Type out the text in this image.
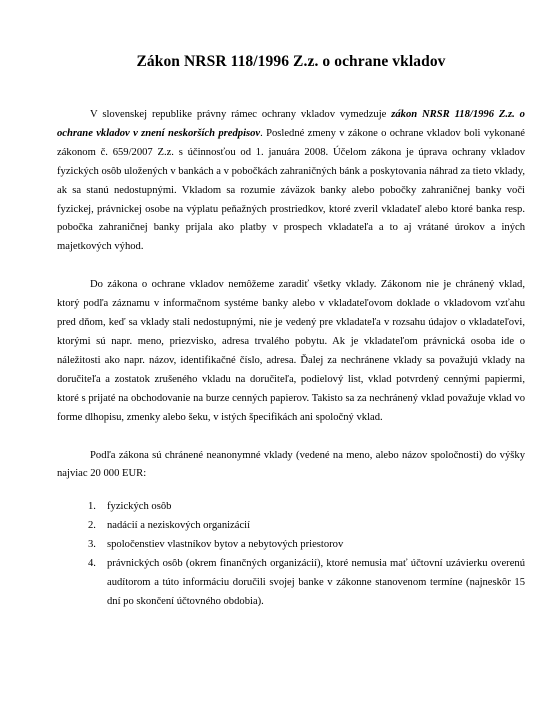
Zákon NRSR 118/1996 Z.z. o ochrane vkladov

V slovenskej republike právny rámec ochrany vkladov vymedzuje zákon NRSR 118/1996 Z.z. o ochrane vkladov v znení neskorších predpisov. Posledné zmeny v zákone o ochrane vkladov boli vykonané zákonom č. 659/2007 Z.z. s účinnosťou od 1. januára 2008. Účelom zákona je úprava ochrany vkladov fyzických osôb uložených v bankách a v pobočkách zahraničných bánk a poskytovania náhrad za tieto vklady, ak sa stanú nedostupnými. Vkladom sa rozumie záväzok banky alebo pobočky zahraničnej banky voči fyzickej, právnickej osobe na výplatu peňažných prostriedkov, ktoré zveril vkladateľ alebo ktoré banka resp. pobočka zahraničnej banky prijala ako platby v prospech vkladateľa a to aj vrátané úrokov a iných majetkových výhod.

Do zákona o ochrane vkladov nemôžeme zaradiť všetky vklady. Zákonom nie je chránený vklad, ktorý podľa záznamu v informačnom systéme banky alebo v vkladateľovom doklade o vkladovom vzťahu pred dňom, keď sa vklady stali nedostupnými, nie je vedený pre vkladateľa v rozsahu údajov o vkladateľovi, ktorými sú napr. meno, priezvisko, adresa trvalého pobytu. Ak je vkladateľom právnická osoba ide o náležitosti ako napr. názov, identifikačné číslo, adresa. Ďalej za nechránene vklady sa považujú vklady na doručiteľa a zostatok zrušeného vkladu na doručiteľa, podielový list, vklad potvrdený cennými papiermi, ktoré s prijaté na obchodovanie na burze cenných papierov. Takisto sa za nechránený vklad považuje vklad vo forme dlhopisu, zmenky alebo šeku, v istých špecifikách ani spoločný vklad.

Podľa zákona sú chránené neanonymné vklady (vedené na meno, alebo názov spoločnosti) do výšky najviac 20 000 EUR:

1.	fyzických osôb
2.	nadácií a neziskových organizácií
3.	spoločenstiev vlastníkov bytov a nebytových priestorov
4.	právnických osôb (okrem finančných organizácií), ktoré nemusia mať účtovní uzávierku overenú audítorom a túto informáciu doručili svojej banke v zákonne stanovenom termíne (najneskôr 15 dní po skončení účtovného obdobia).
